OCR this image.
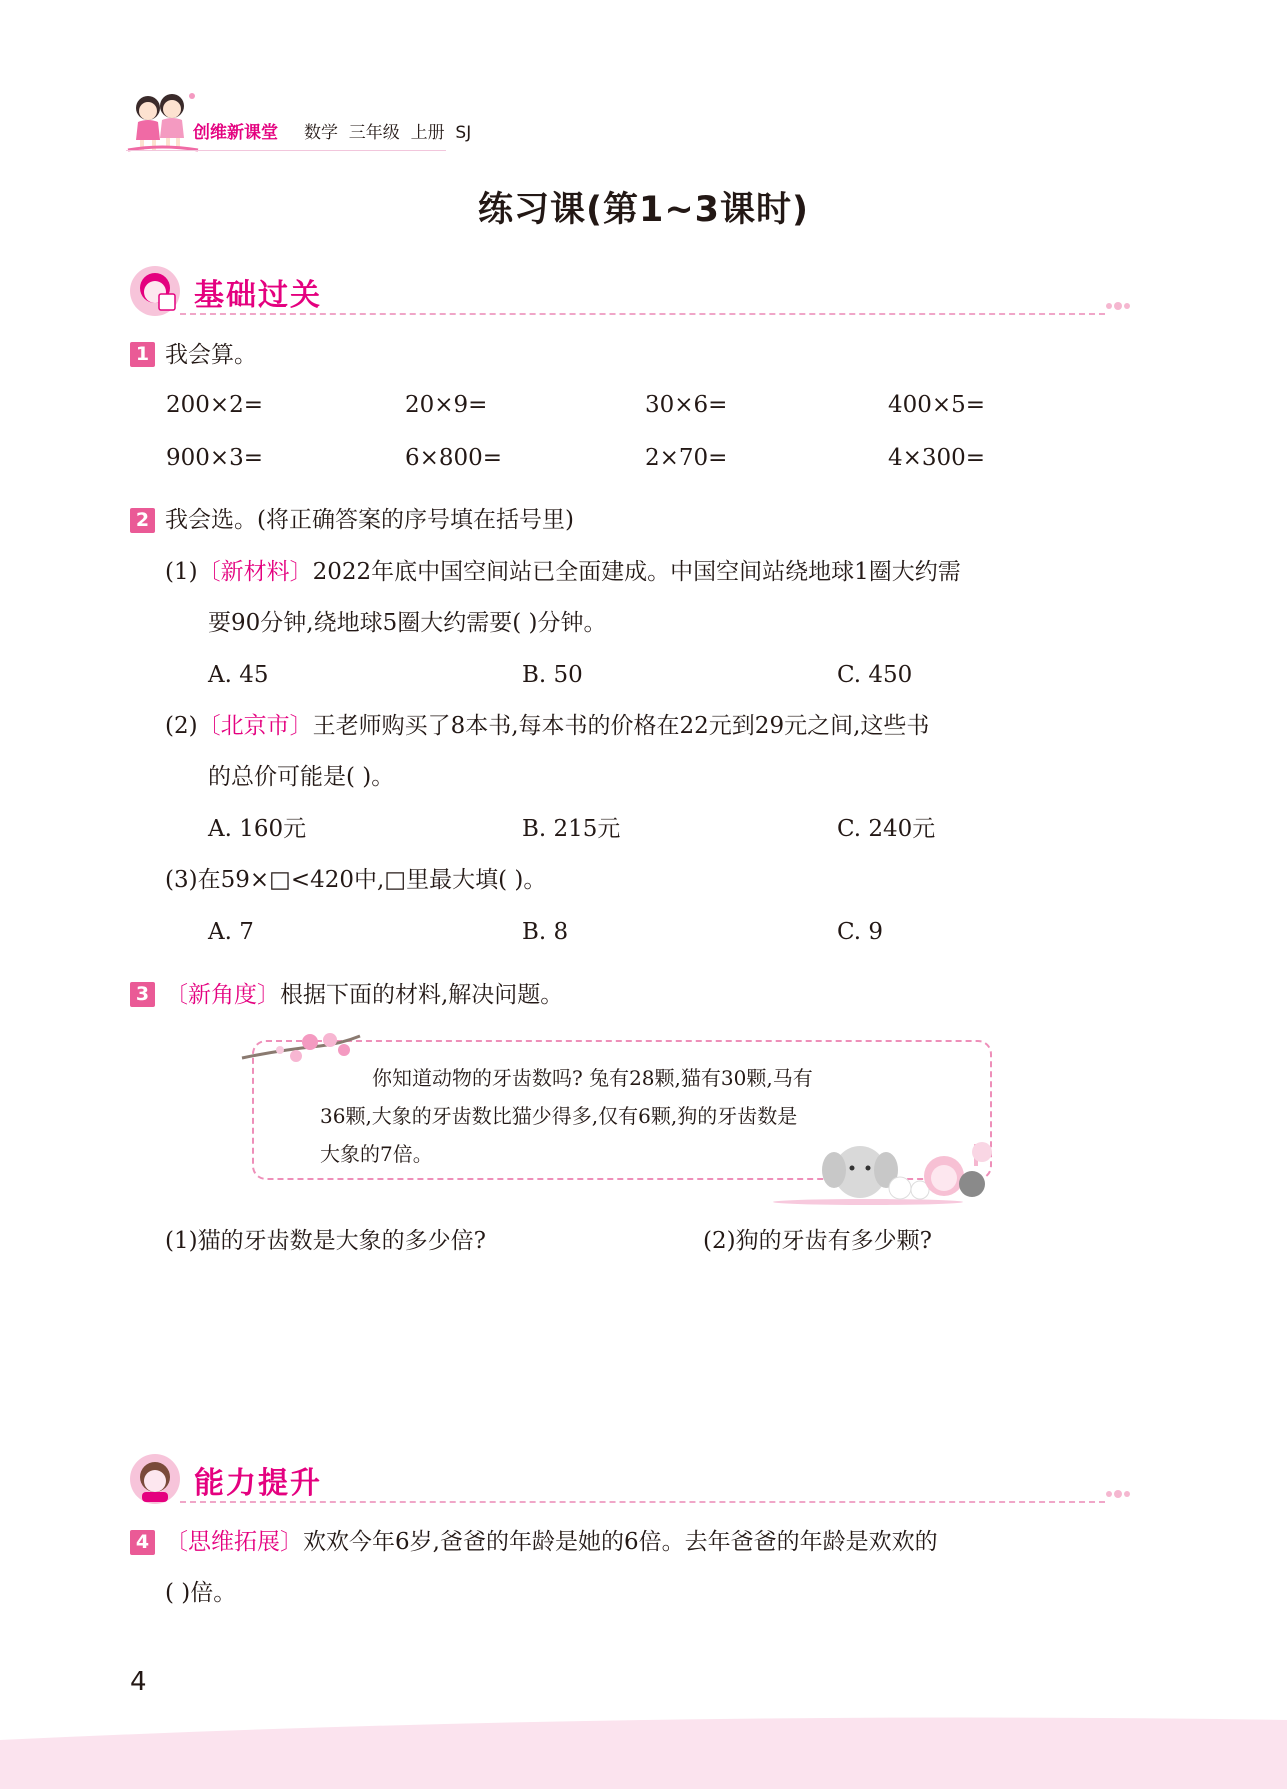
创维新课堂 数学  三年级  上册  SJ
练习课(第1~3课时)
基础过关
1 我会算。
200×2=	20×9=	30×6=	400×5=
900×3=	6×800=	2×70=	4×300=
2 我会选。(将正确答案的序号填在括号里)
(1)〔新材料〕2022年底中国空间站已全面建成。中国空间站绕地球1圈大约需
要90分钟,绕地球5圈大约需要( )分钟。
A. 45	B. 50	C. 450
(2)〔北京市〕王老师购买了8本书,每本书的价格在22元到29元之间,这些书
的总价可能是( )。
A. 160元	B. 215元	C. 240元
(3)在59×□<420中,□里最大填( )。
A. 7	B. 8	C. 9
3 〔新角度〕根据下面的材料,解决问题。
你知道动物的牙齿数吗? 兔有28颗,猫有30颗,马有
36颗,大象的牙齿数比猫少得多,仅有6颗,狗的牙齿数是
大象的7倍。
(1)猫的牙齿数是大象的多少倍?	(2)狗的牙齿有多少颗?
能力提升
4 〔思维拓展〕欢欢今年6岁,爸爸的年龄是她的6倍。去年爸爸的年龄是欢欢的
( )倍。
4
